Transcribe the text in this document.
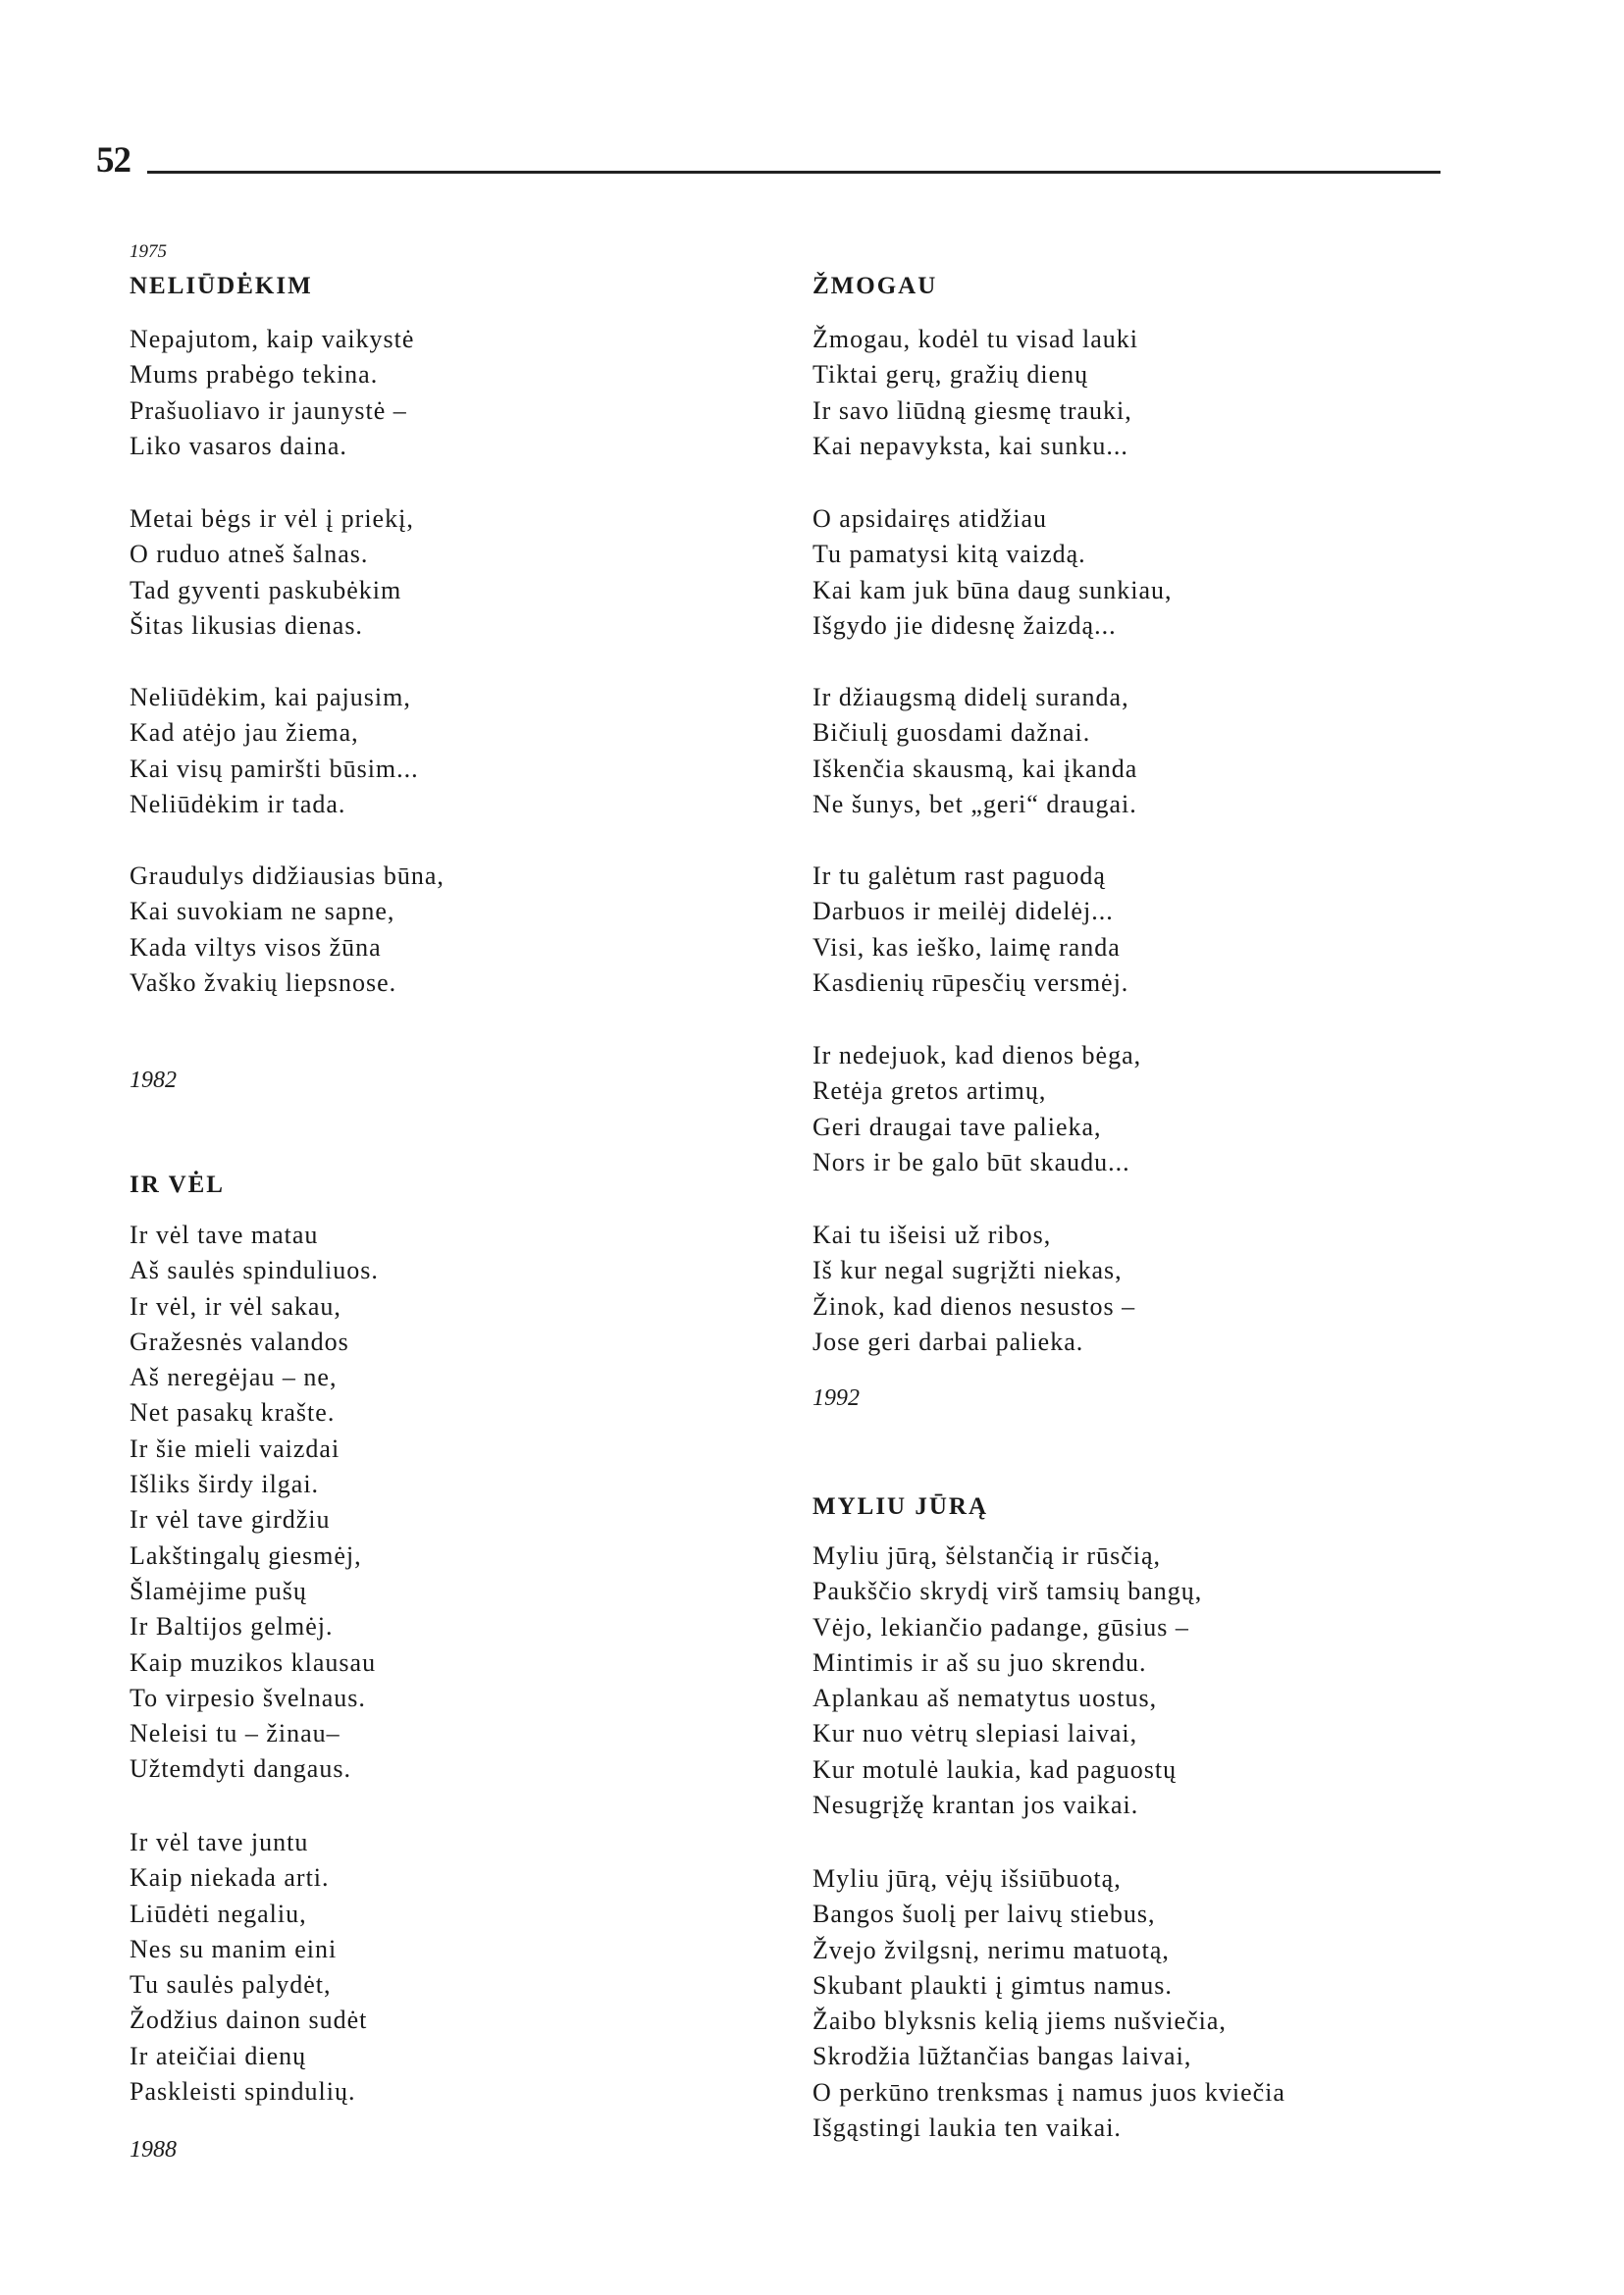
52
1975
NELIŪDĖKIM
Nepajutom, kaip vaikystė
Mums prabėgo tekina.
Prašuoliavo ir jaunystė –
Liko vasaros daina.
Metai bėgs ir vėl į priekį,
O ruduo atneš šalnas.
Tad gyventi paskubėkim
Šitas likusias dienas.
Neliūdėkim, kai pajusim,
Kad atėjo jau žiema,
Kai visų pamiršti būsim...
Neliūdėkim ir tada.
Graudulys didžiausias būna,
Kai suvokiam ne sapne,
Kada viltys visos žūna
Vaško žvakių liepsnose.
1982
IR VĖL
Ir vėl tave matau
Aš saulės spinduliuos.
Ir vėl, ir vėl sakau,
Gražesnės valandos
Aš neregėjau – ne,
Net pasakų krašte.
Ir šie mieli vaizdai
Išliks širdy ilgai.
Ir vėl tave girdžiu
Lakštingalų giesmėj,
Šlamėjime pušų
Ir Baltijos gelmėj.
Kaip muzikos klausau
To virpesio švelnaus.
Neleisi tu – žinau–
Užtemdyti dangaus.
Ir vėl tave juntu
Kaip niekada arti.
Liūdėti negaliu,
Nes su manim eini
Tu saulės palydėt,
Žodžius dainon sudėt
Ir ateičiai dienų
Paskleisti spindulių.
1988
ŽMOGAU
Žmogau, kodėl tu visad lauki
Tiktai gerų, gražių dienų
Ir savo liūdną giesmę trauki,
Kai nepavyksta, kai sunku...
O apsidairęs atidžiau
Tu pamatysi kitą vaizdą.
Kai kam juk būna daug sunkiau,
Išgydo jie didesnę žaizdą...
Ir džiaugsmą didelį suranda,
Bičiulį guosdami dažnai.
Iškenčia skausmą, kai įkanda
Ne šunys, bet „geri“ draugai.
Ir tu galėtum rast paguodą
Darbuos ir meilėj didelėj...
Visi, kas ieško, laimę randa
Kasdienių rūpesčių versmėj.
Ir nedejuok, kad dienos bėga,
Retėja gretos artimų,
Geri draugai tave palieka,
Nors ir be galo būt skaudu...
Kai tu išeisi už ribos,
Iš kur negal sugrįžti niekas,
Žinok, kad dienos nesustos –
Jose geri darbai palieka.
1992
MYLIU JŪRĄ
Myliu jūrą, šėlstančią ir rūsčią,
Paukščio skrydį virš tamsių bangų,
Vėjo, lekiančio padange, gūsius –
Mintimis ir aš su juo skrendu.
Aplankau aš nematytus uostus,
Kur nuo vėtrų slepiasi laivai,
Kur motulė laukia, kad paguostų
Nesugrįžę krantan jos vaikai.
Myliu jūrą, vėjų išsiūbuotą,
Bangos šuolį per laivų stiebus,
Žvejo žvilgsnį, nerimu matuotą,
Skubant plaukti į gimtus namus.
Žaibo blyksnis kelią jiems nušviečia,
Skrodžia lūžtančias bangas laivai,
O perkūno trenksmas į namus juos kviečia
Išgąstingi laukia ten vaikai.
